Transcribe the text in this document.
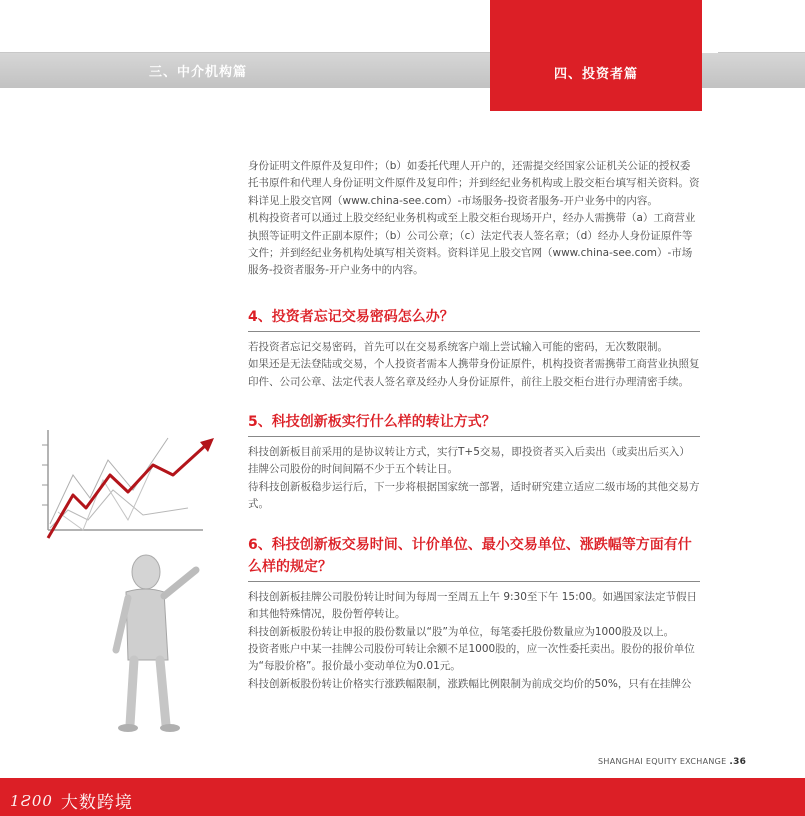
三、中介机构篇	四、投资者篇

身份证明文件原件及复印件；（b）如委托代理人开户的，还需提交经国家公证机关公证的授权委托书原件和代理人身份证明文件原件及复印件；并到经纪业务机构或上股交柜台填写相关资料。资料详见上股交官网（www.china-see.com）-市场服务-投资者服务-开户业务中的内容。

机构投资者可以通过上股交经纪业务机构或至上股交柜台现场开户，经办人需携带（a）工商营业执照等证明文件正副本原件；（b）公司公章；（c）法定代表人签名章；（d）经办人身份证原件等文件；并到经纪业务机构处填写相关资料。资料详见上股交官网（www.china-see.com）-市场服务-投资者服务-开户业务中的内容。

4、投资者忘记交易密码怎么办？

若投资者忘记交易密码，首先可以在交易系统客户端上尝试输入可能的密码，无次数限制。

如果还是无法登陆或交易，个人投资者需本人携带身份证原件，机构投资者需携带工商营业执照复印件、公司公章、法定代表人签名章及经办人身份证原件，前往上股交柜台进行办理清密手续。

5、科技创新板实行什么样的转让方式？

科技创新板目前采用的是协议转让方式，实行T+5交易，即投资者买入后卖出（或卖出后买入）挂牌公司股份的时间间隔不少于五个转让日。

待科技创新板稳步运行后，下一步将根据国家统一部署，适时研究建立适应二级市场的其他交易方式。

6、科技创新板交易时间、计价单位、最小交易单位、涨跌幅等方面有什么样的规定？

科技创新板挂牌公司股份转让时间为每周一至周五上午 9:30至下午 15:00。如遇国家法定节假日和其他特殊情况，股份暂停转让。

科技创新板股份转让申报的股份数量以“股”为单位，每笔委托股份数量应为1000股及以上。

投资者账户中某一挂牌公司股份可转让余额不足1000股的，应一次性委托卖出。股份的报价单位为“每股价格”。报价最小变动单位为0.01元。

科技创新板股份转让价格实行涨跌幅限制，涨跌幅比例限制为前成交均价的50%，只有在挂牌公

SHANGHAI EQUITY EXCHANGE .36
1Ƨ00 大数跨境
